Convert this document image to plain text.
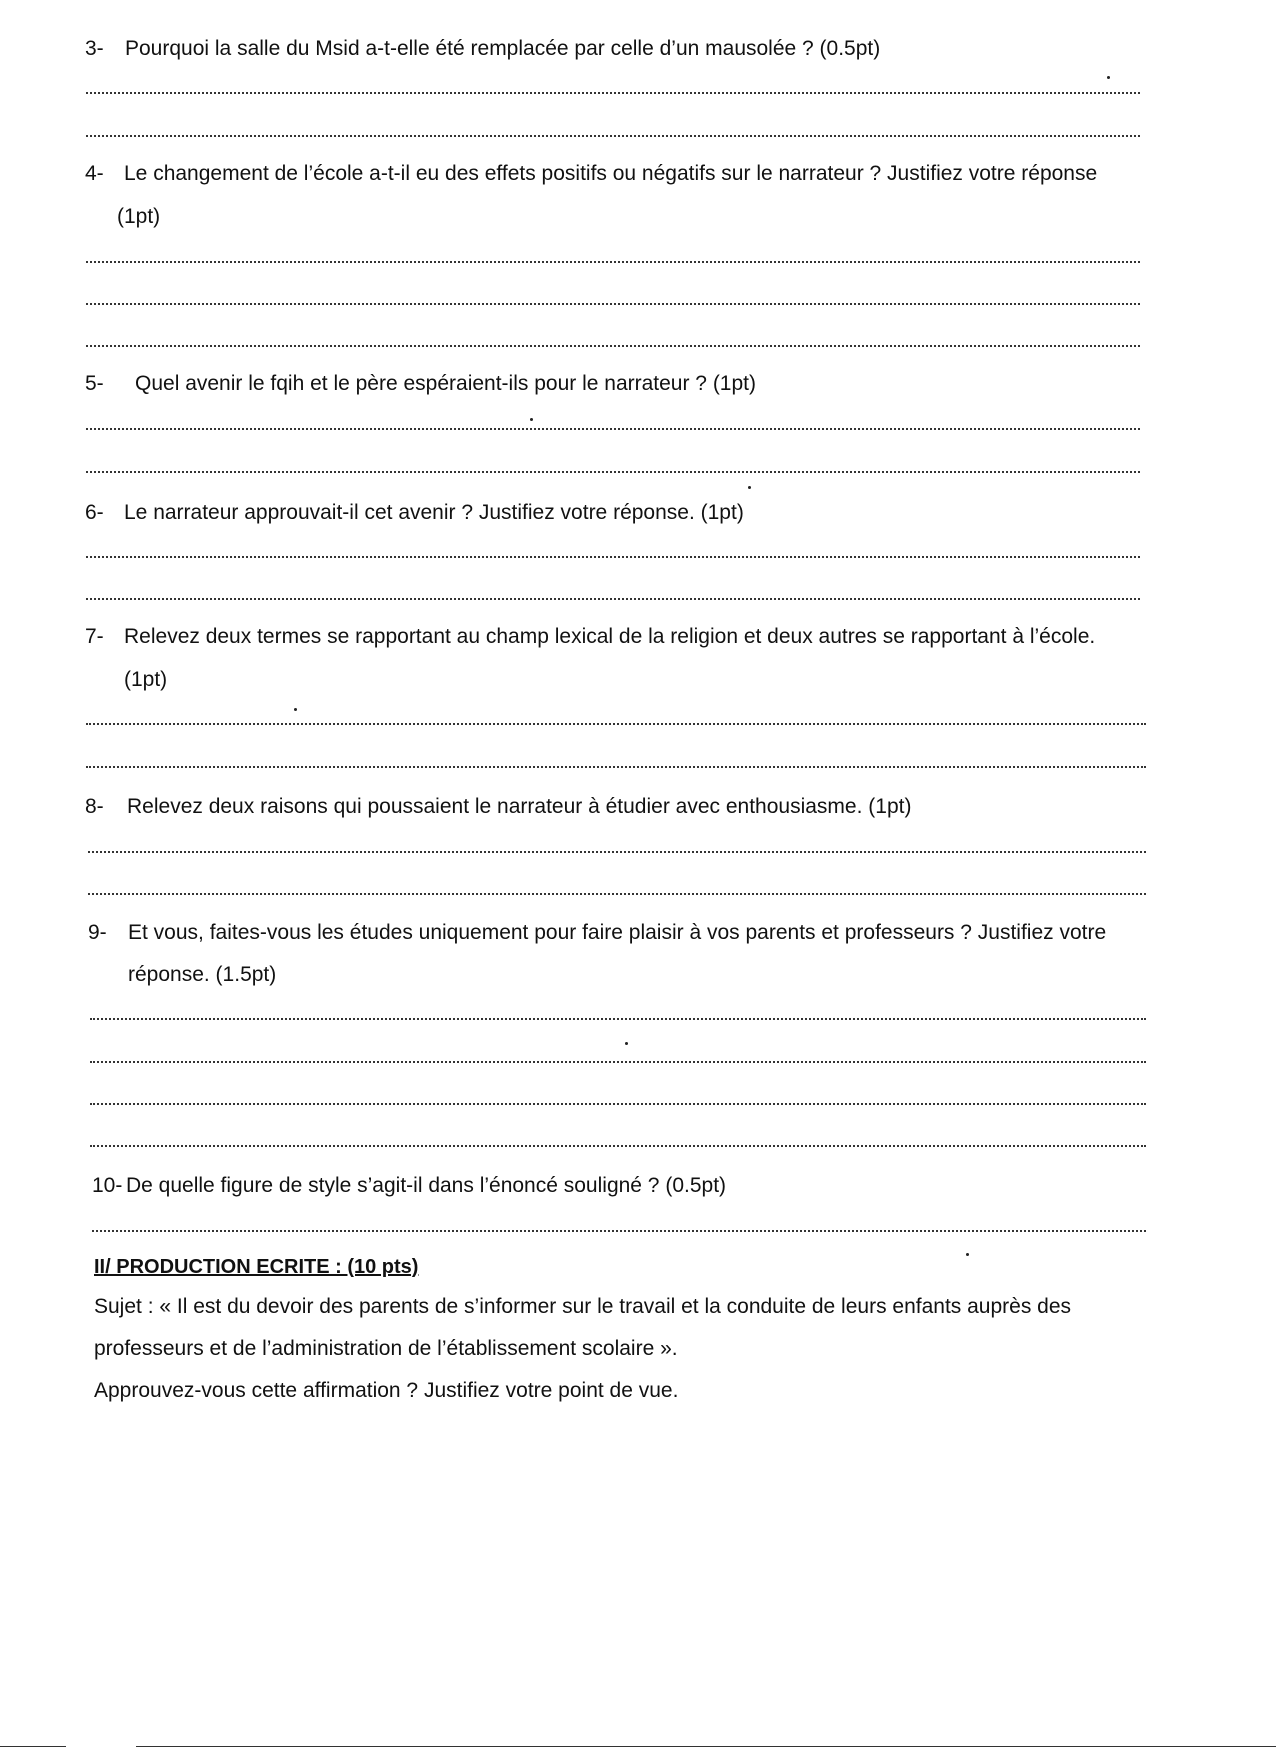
3- Pourquoi la salle du Msid a-t-elle été remplacée par celle d’un mausolée ? (0.5pt)
4- Le changement de l’école a-t-il eu des effets positifs ou négatifs sur le narrateur ? Justifiez votre réponse
(1pt)
5- Quel avenir le fqih et le père espéraient-ils pour le narrateur ? (1pt)
6- Le narrateur approuvait-il cet avenir ? Justifiez votre réponse. (1pt)
7- Relevez deux termes se rapportant au champ lexical de la religion et deux autres se rapportant à l’école.
(1pt)
8- Relevez deux raisons qui poussaient le narrateur à étudier avec enthousiasme. (1pt)
9- Et vous, faites-vous les études uniquement pour faire plaisir à vos parents et professeurs ? Justifiez votre
réponse. (1.5pt)
10- De quelle figure de style s’agit-il dans l’énoncé souligné ? (0.5pt)
II/ PRODUCTION ECRITE : (10 pts)
Sujet : « Il est du devoir des parents de s’informer sur le travail et la conduite de leurs enfants auprès des
professeurs et de l’administration de l’établissement scolaire ».
Approuvez-vous cette affirmation ? Justifiez votre point de vue.
